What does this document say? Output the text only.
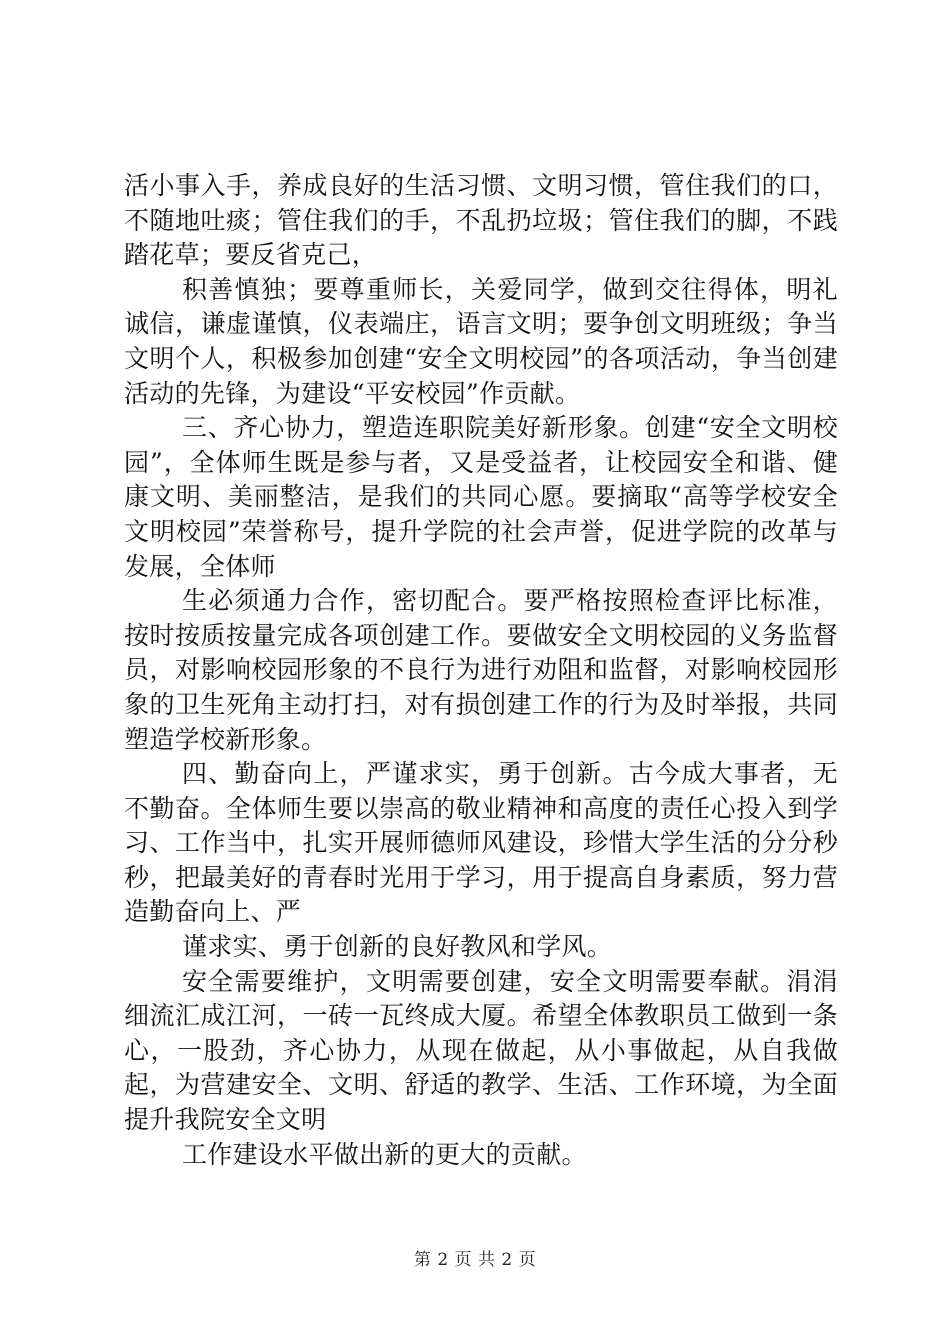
活小事入手，养成良好的生活习惯、文明习惯，管住我们的口，不随地吐痰；管住我们的手，不乱扔垃圾；管住我们的脚，不践踏花草；要反省克己，

积善慎独；要尊重师长，关爱同学，做到交往得体，明礼诚信，谦虚谨慎，仪表端庄，语言文明；要争创文明班级；争当文明个人，积极参加创建“安全文明校园”的各项活动，争当创建活动的先锋，为建设“平安校园”作贡献。

三、齐心协力，塑造连职院美好新形象。创建“安全文明校园”，全体师生既是参与者，又是受益者，让校园安全和谐、健康文明、美丽整洁，是我们的共同心愿。要摘取“高等学校安全文明校园”荣誉称号，提升学院的社会声誉，促进学院的改革与发展，全体师

生必须通力合作，密切配合。要严格按照检查评比标准，按时按质按量完成各项创建工作。要做安全文明校园的义务监督员，对影响校园形象的不良行为进行劝阻和监督，对影响校园形象的卫生死角主动打扫，对有损创建工作的行为及时举报，共同塑造学校新形象。

四、勤奋向上，严谨求实，勇于创新。古今成大事者，无不勤奋。全体师生要以崇高的敬业精神和高度的责任心投入到学习、工作当中，扎实开展师德师风建设，珍惜大学生活的分分秒秒，把最美好的青春时光用于学习，用于提高自身素质，努力营造勤奋向上、严

谨求实、勇于创新的良好教风和学风。

安全需要维护，文明需要创建，安全文明需要奉献。涓涓细流汇成江河，一砖一瓦终成大厦。希望全体教职员工做到一条心，一股劲，齐心协力，从现在做起，从小事做起，从自我做起，为营建安全、文明、舒适的教学、生活、工作环境，为全面提升我院安全文明

工作建设水平做出新的更大的贡献。

第 2 页 共 2 页
